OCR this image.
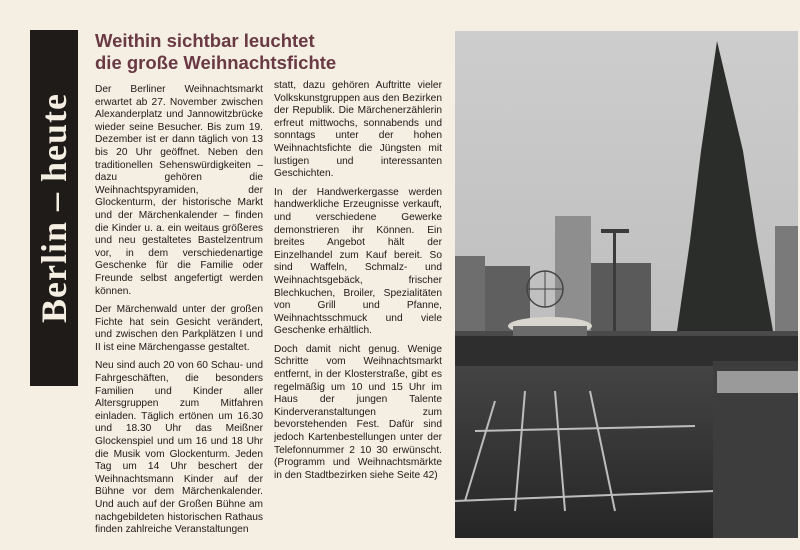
Berlin – heute
Weithin sichtbar leuchtet
die große Weihnachtsfichte

Der Berliner Weihnachtsmarkt erwartet ab 27. November zwischen Alexanderplatz und Jannowitzbrücke wieder seine Besucher. Bis zum 19. Dezember ist er dann täglich von 13 bis 20 Uhr geöffnet. Neben den traditionellen Sehenswürdigkeiten – dazu gehören die Weihnachtspyramiden, der Glockenturm, der historische Markt und der Märchenkalender – finden die Kinder u. a. ein weitaus größeres und neu gestaltetes Bastelzentrum vor, in dem verschiedenartige Geschenke für die Familie oder Freunde selbst angefertigt werden können.

Der Märchenwald unter der großen Fichte hat sein Gesicht verändert, und zwischen den Parkplätzen I und II ist eine Märchengasse gestaltet.

Neu sind auch 20 von 60 Schau- und Fahrgeschäften, die besonders Familien und Kinder aller Altersgruppen zum Mitfahren einladen. Täglich ertönen um 16.30 und 18.30 Uhr das Meißner Glockenspiel und um 16 und 18 Uhr die Musik vom Glockenturm. Jeden Tag um 14 Uhr beschert der Weihnachtsmann Kinder auf der Bühne vor dem Märchenkalender. Und auch auf der Großen Bühne am nachgebildeten historischen Rathaus finden zahlreiche Veranstaltungen

statt, dazu gehören Auftritte vieler Volkskunstgruppen aus den Bezirken der Republik. Die Märchenerzählerin erfreut mittwochs, sonnabends und sonntags unter der hohen Weihnachtsfichte die Jüngsten mit lustigen und interessanten Geschichten.

In der Handwerkergasse werden handwerkliche Erzeugnisse verkauft, und verschiedene Gewerke demonstrieren ihr Können. Ein breites Angebot hält der Einzelhandel zum Kauf bereit. So sind Waffeln, Schmalz- und Weihnachtsgebäck, frischer Blechkuchen, Broiler, Spezialitäten von Grill und Pfanne, Weihnachtsschmuck und viele Geschenke erhältlich.

Doch damit nicht genug. Wenige Schritte vom Weihnachtsmarkt entfernt, in der Klosterstraße, gibt es regelmäßig um 10 und 15 Uhr im Haus der jungen Talente Kinderveranstaltungen zum bevorstehenden Fest. Dafür sind jedoch Kartenbestellungen unter der Telefonnummer 2 10 30 erwünscht. (Programm und Weihnachtsmärkte in den Stadtbezirken siehe Seite 42)
